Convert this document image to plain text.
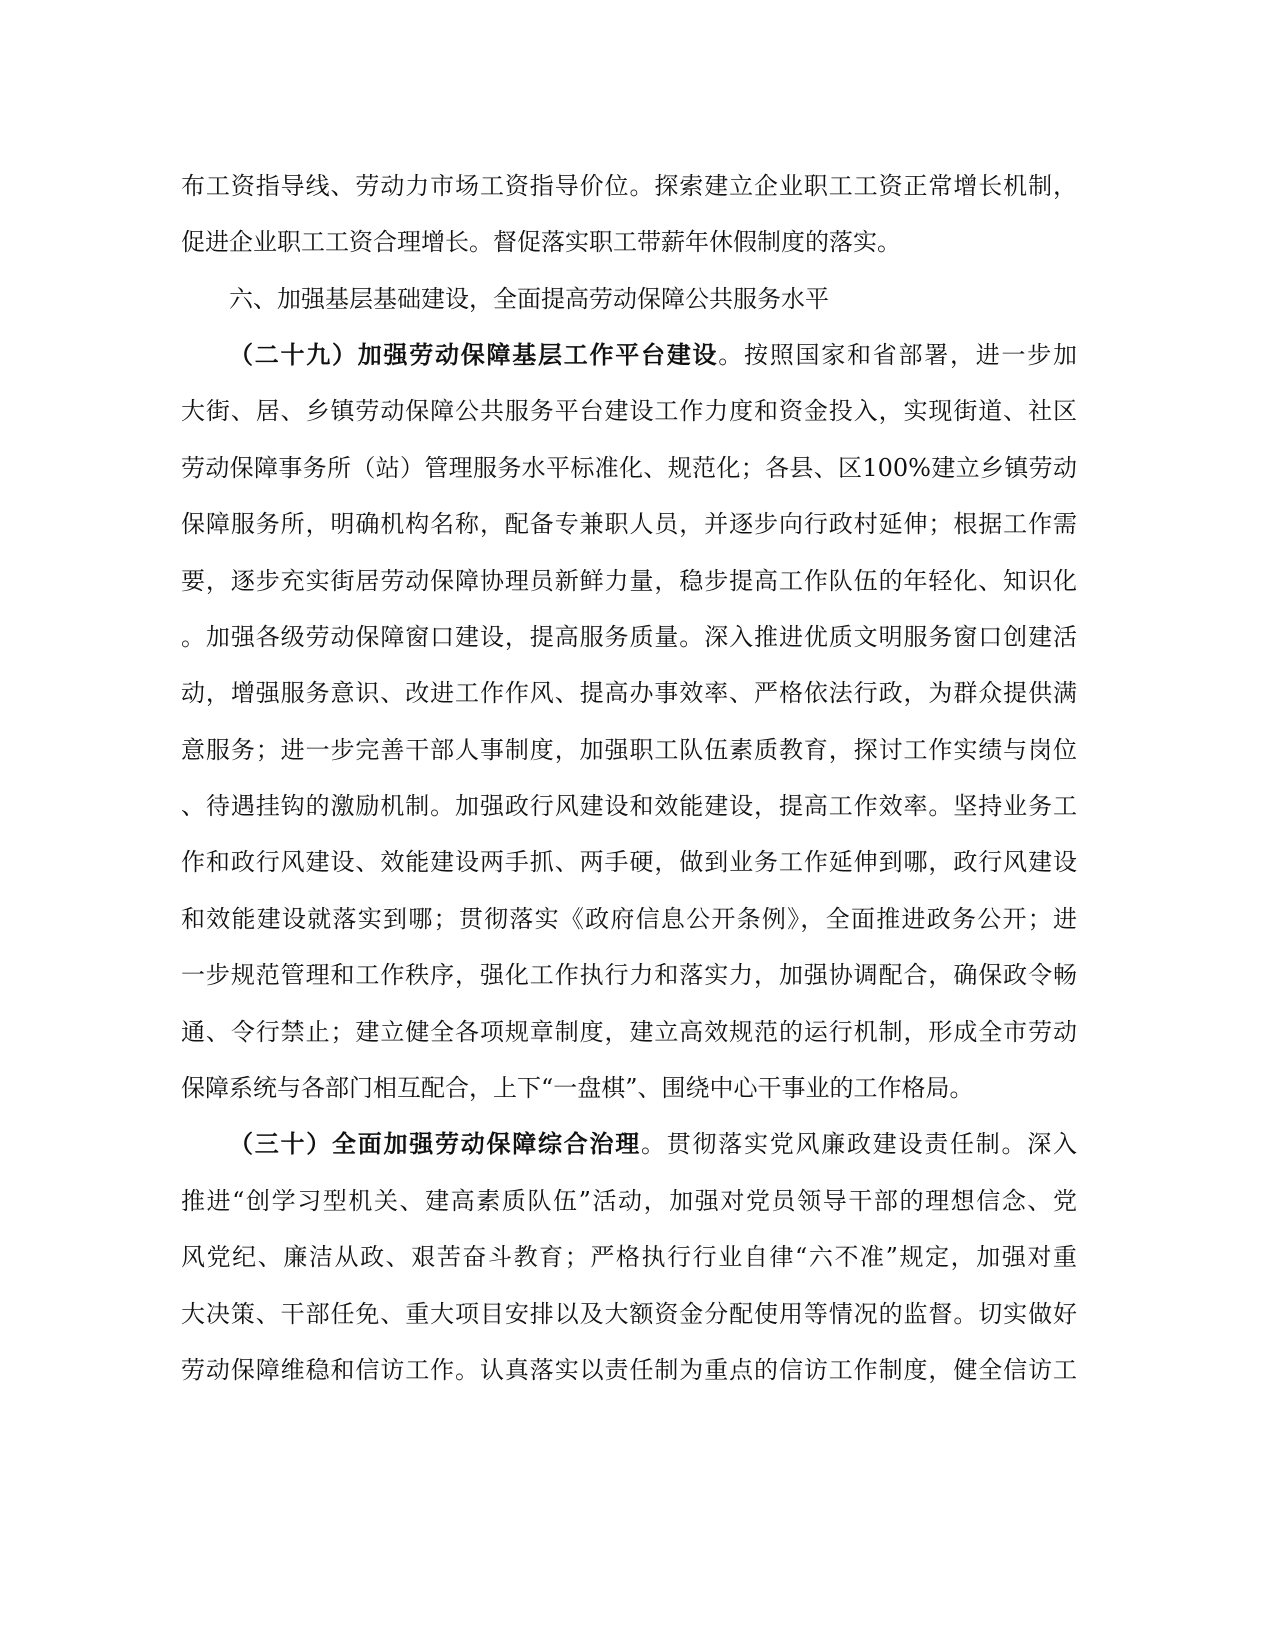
布工资指导线、劳动力市场工资指导价位。探索建立企业职工工资正常增长机制，
促进企业职工工资合理增长。督促落实职工带薪年休假制度的落实。
六、加强基层基础建设，全面提高劳动保障公共服务水平
（二十九）加强劳动保障基层工作平台建设。按照国家和省部署，进一步加
大街、居、乡镇劳动保障公共服务平台建设工作力度和资金投入，实现街道、社区
劳动保障事务所（站）管理服务水平标准化、规范化；各县、区100%建立乡镇劳动
保障服务所，明确机构名称，配备专兼职人员，并逐步向行政村延伸；根据工作需
要，逐步充实街居劳动保障协理员新鲜力量，稳步提高工作队伍的年轻化、知识化
。加强各级劳动保障窗口建设，提高服务质量。深入推进优质文明服务窗口创建活
动，增强服务意识、改进工作作风、提高办事效率、严格依法行政，为群众提供满
意服务；进一步完善干部人事制度，加强职工队伍素质教育，探讨工作实绩与岗位
、待遇挂钩的激励机制。加强政行风建设和效能建设，提高工作效率。坚持业务工
作和政行风建设、效能建设两手抓、两手硬，做到业务工作延伸到哪，政行风建设
和效能建设就落实到哪；贯彻落实《政府信息公开条例》，全面推进政务公开；进
一步规范管理和工作秩序，强化工作执行力和落实力，加强协调配合，确保政令畅
通、令行禁止；建立健全各项规章制度，建立高效规范的运行机制，形成全市劳动
保障系统与各部门相互配合，上下“一盘棋”、围绕中心干事业的工作格局。
（三十）全面加强劳动保障综合治理。贯彻落实党风廉政建设责任制。深入
推进“创学习型机关、建高素质队伍”活动，加强对党员领导干部的理想信念、党
风党纪、廉洁从政、艰苦奋斗教育；严格执行行业自律“六不准”规定，加强对重
大决策、干部任免、重大项目安排以及大额资金分配使用等情况的监督。切实做好
劳动保障维稳和信访工作。认真落实以责任制为重点的信访工作制度，健全信访工
